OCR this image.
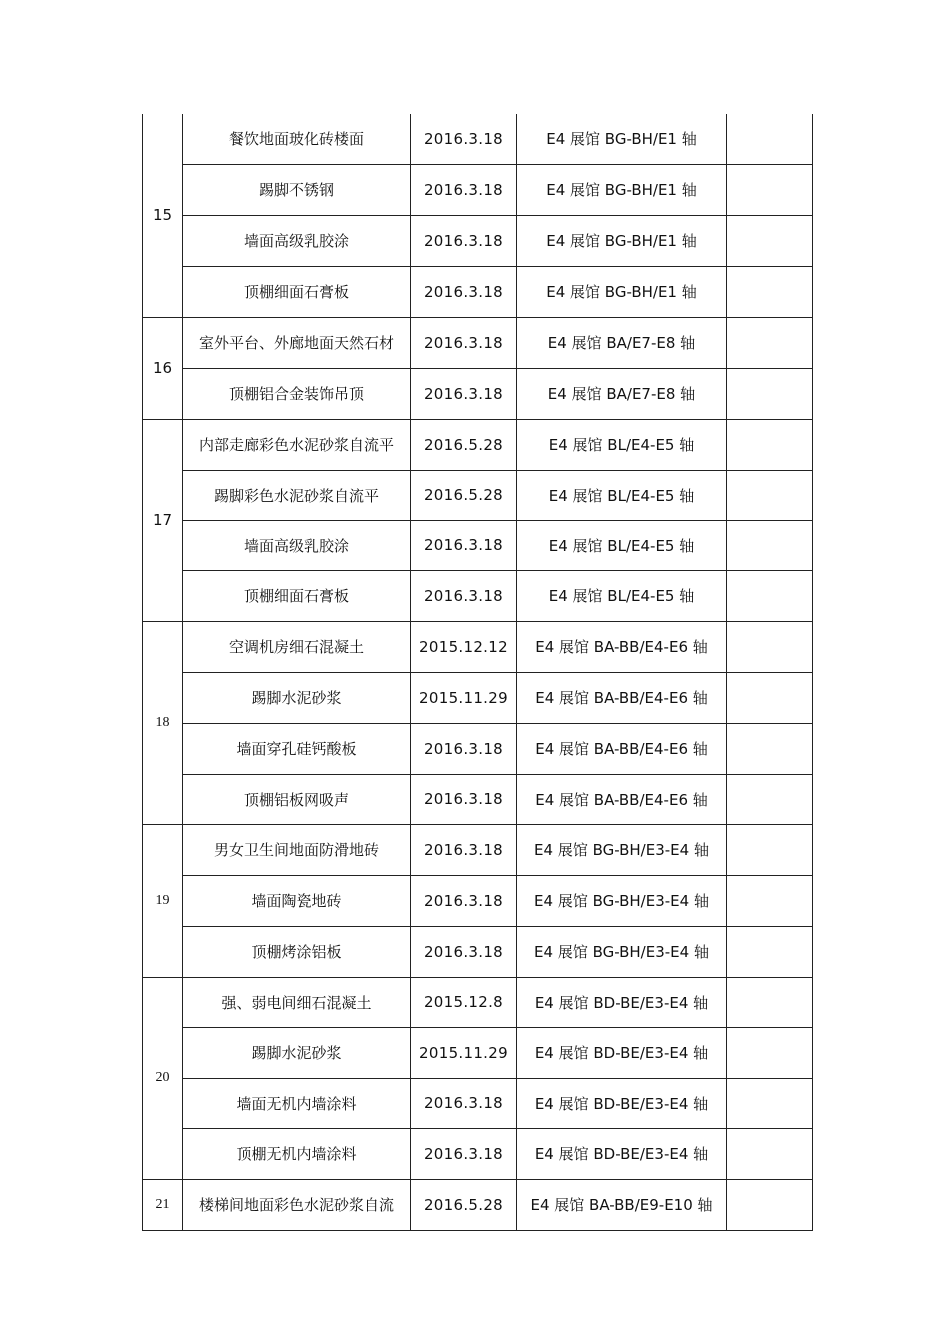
15	餐饮地面玻化砖楼面	2016.3.18	E4 展馆 BG-BH/E1 轴	
	踢脚不锈钢	2016.3.18	E4 展馆 BG-BH/E1 轴	
	墙面高级乳胶涂	2016.3.18	E4 展馆 BG-BH/E1 轴	
	顶棚细面石膏板	2016.3.18	E4 展馆 BG-BH/E1 轴	
16	室外平台、外廊地面天然石材	2016.3.18	E4 展馆 BA/E7-E8 轴	
	顶棚铝合金装饰吊顶	2016.3.18	E4 展馆 BA/E7-E8 轴	
17	内部走廊彩色水泥砂浆自流平	2016.5.28	E4 展馆 BL/E4-E5 轴	
	踢脚彩色水泥砂浆自流平	2016.5.28	E4 展馆 BL/E4-E5 轴	
	墙面高级乳胶涂	2016.3.18	E4 展馆 BL/E4-E5 轴	
	顶棚细面石膏板	2016.3.18	E4 展馆 BL/E4-E5 轴	
18	空调机房细石混凝土	2015.12.12	E4 展馆 BA-BB/E4-E6 轴	
	踢脚水泥砂浆	2015.11.29	E4 展馆 BA-BB/E4-E6 轴	
	墙面穿孔硅钙酸板	2016.3.18	E4 展馆 BA-BB/E4-E6 轴	
	顶棚铝板网吸声	2016.3.18	E4 展馆 BA-BB/E4-E6 轴	
19	男女卫生间地面防滑地砖	2016.3.18	E4 展馆 BG-BH/E3-E4 轴	
	墙面陶瓷地砖	2016.3.18	E4 展馆 BG-BH/E3-E4 轴	
	顶棚烤涂铝板	2016.3.18	E4 展馆 BG-BH/E3-E4 轴	
20	强、弱电间细石混凝土	2015.12.8	E4 展馆 BD-BE/E3-E4 轴	
	踢脚水泥砂浆	2015.11.29	E4 展馆 BD-BE/E3-E4 轴	
	墙面无机内墙涂料	2016.3.18	E4 展馆 BD-BE/E3-E4 轴	
	顶棚无机内墙涂料	2016.3.18	E4 展馆 BD-BE/E3-E4 轴	
21	楼梯间地面彩色水泥砂浆自流	2016.5.28	E4 展馆 BA-BB/E9-E10 轴	
